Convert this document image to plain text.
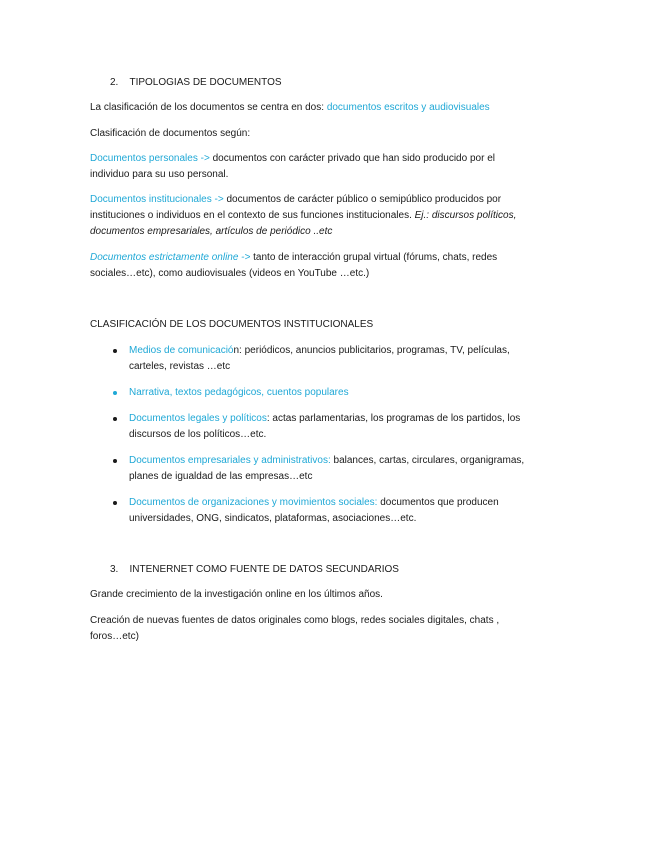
2. TIPOLOGIAS DE DOCUMENTOS
La clasificación de los documentos se centra en dos: documentos escritos y audiovisuales
Clasificación de documentos según:
Documentos personales -> documentos con carácter privado que han sido producido por el
individuo para su uso personal.
Documentos institucionales -> documentos de carácter público o semipúblico producidos por
instituciones o individuos en el contexto de sus funciones institucionales. Ej.: discursos políticos,
documentos empresariales, artículos de periódico ..etc
Documentos estrictamente online -> tanto de interacción grupal virtual (fórums, chats, redes
sociales…etc), como audiovisuales (videos en YouTube …etc.)
CLASIFICACIÓN DE LOS DOCUMENTOS INSTITUCIONALES
Medios de comunicación: periódicos, anuncios publicitarios, programas, TV, películas,
carteles, revistas …etc
Narrativa, textos pedagógicos, cuentos populares
Documentos legales y políticos: actas parlamentarias, los programas de los partidos, los
discursos de los políticos…etc.
Documentos empresariales y administrativos: balances, cartas, circulares, organigramas,
planes de igualdad de las empresas…etc
Documentos de organizaciones y movimientos sociales: documentos que producen
universidades, ONG, sindicatos, plataformas, asociaciones…etc.
3. INTENERNET COMO FUENTE DE DATOS SECUNDARIOS
Grande crecimiento de la investigación online en los últimos años.
Creación de nuevas fuentes de datos originales como blogs, redes sociales digitales, chats ,
foros…etc)
